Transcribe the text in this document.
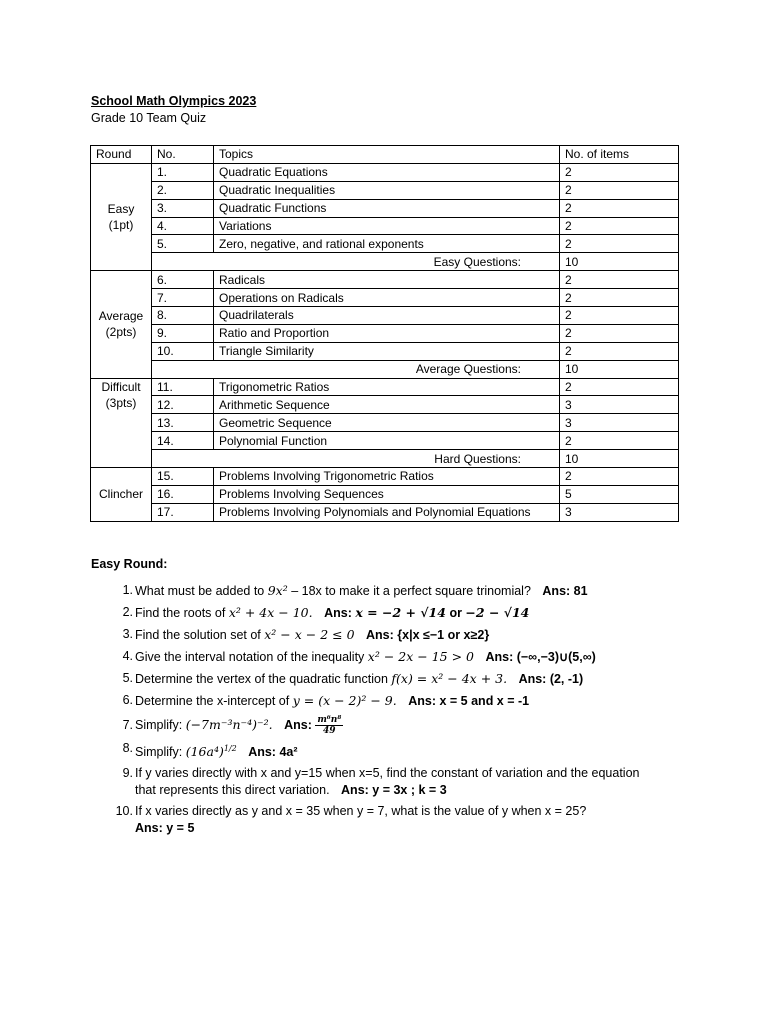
School Math Olympics 2023
Grade 10 Team Quiz
Round	No.	Topics	No. of items
Easy
(1pt)	1.	Quadratic Equations	2
	2.	Quadratic Inequalities	2
	3.	Quadratic Functions	2
	4.	Variations	2
	5.	Zero, negative, and rational exponents	2
	Easy Questions:		10
Average
(2pts)	6.	Radicals	2
	7.	Operations on Radicals	2
	8.	Quadrilaterals	2
	9.	Ratio and Proportion	2
	10.	Triangle Similarity	2
	Average Questions:		10
Difficult
(3pts)	11.	Trigonometric Ratios	2
	12.	Arithmetic Sequence	3
	13.	Geometric Sequence	3
	14.	Polynomial Function	2
	Hard Questions:		10
Clincher	15.	Problems Involving Trigonometric Ratios	2
	16.	Problems Involving Sequences	5
	17.	Problems Involving Polynomials and Polynomial Equations	3
Easy Round:
1. What must be added to 9x² – 18x to make it a perfect square trinomial? Ans: 81
2. Find the roots of x² + 4x − 10. Ans: x = −2 + √14 or −2 − √14
3. Find the solution set of x² − x − 2 ≤ 0 Ans: {x|x ≤−1 or x≥2}
4. Give the interval notation of the inequality x² − 2x − 15 > 0 Ans: (−∞,−3)∪(5,∞)
5. Determine the vertex of the quadratic function f(x) = x² − 4x + 3. Ans: (2, -1)
6. Determine the x-intercept of y = (x − 2)² − 9. Ans: x = 5 and x = -1
7. Simplify: (−7m⁻³n⁻⁴)⁻². Ans: $\frac{\text{m⁶n⁸}}{49}$
8. Simplify: $(16a^4)^{1/2}$ Ans: 4a²
9. If y varies directly with x and y=15 when x=5, find the constant of variation and the equation that represents this direct variation. Ans: y = 3x ; k = 3
10. If x varies directly as y and x = 35 when y = 7, what is the value of y when x = 25?
Ans: y = 5
